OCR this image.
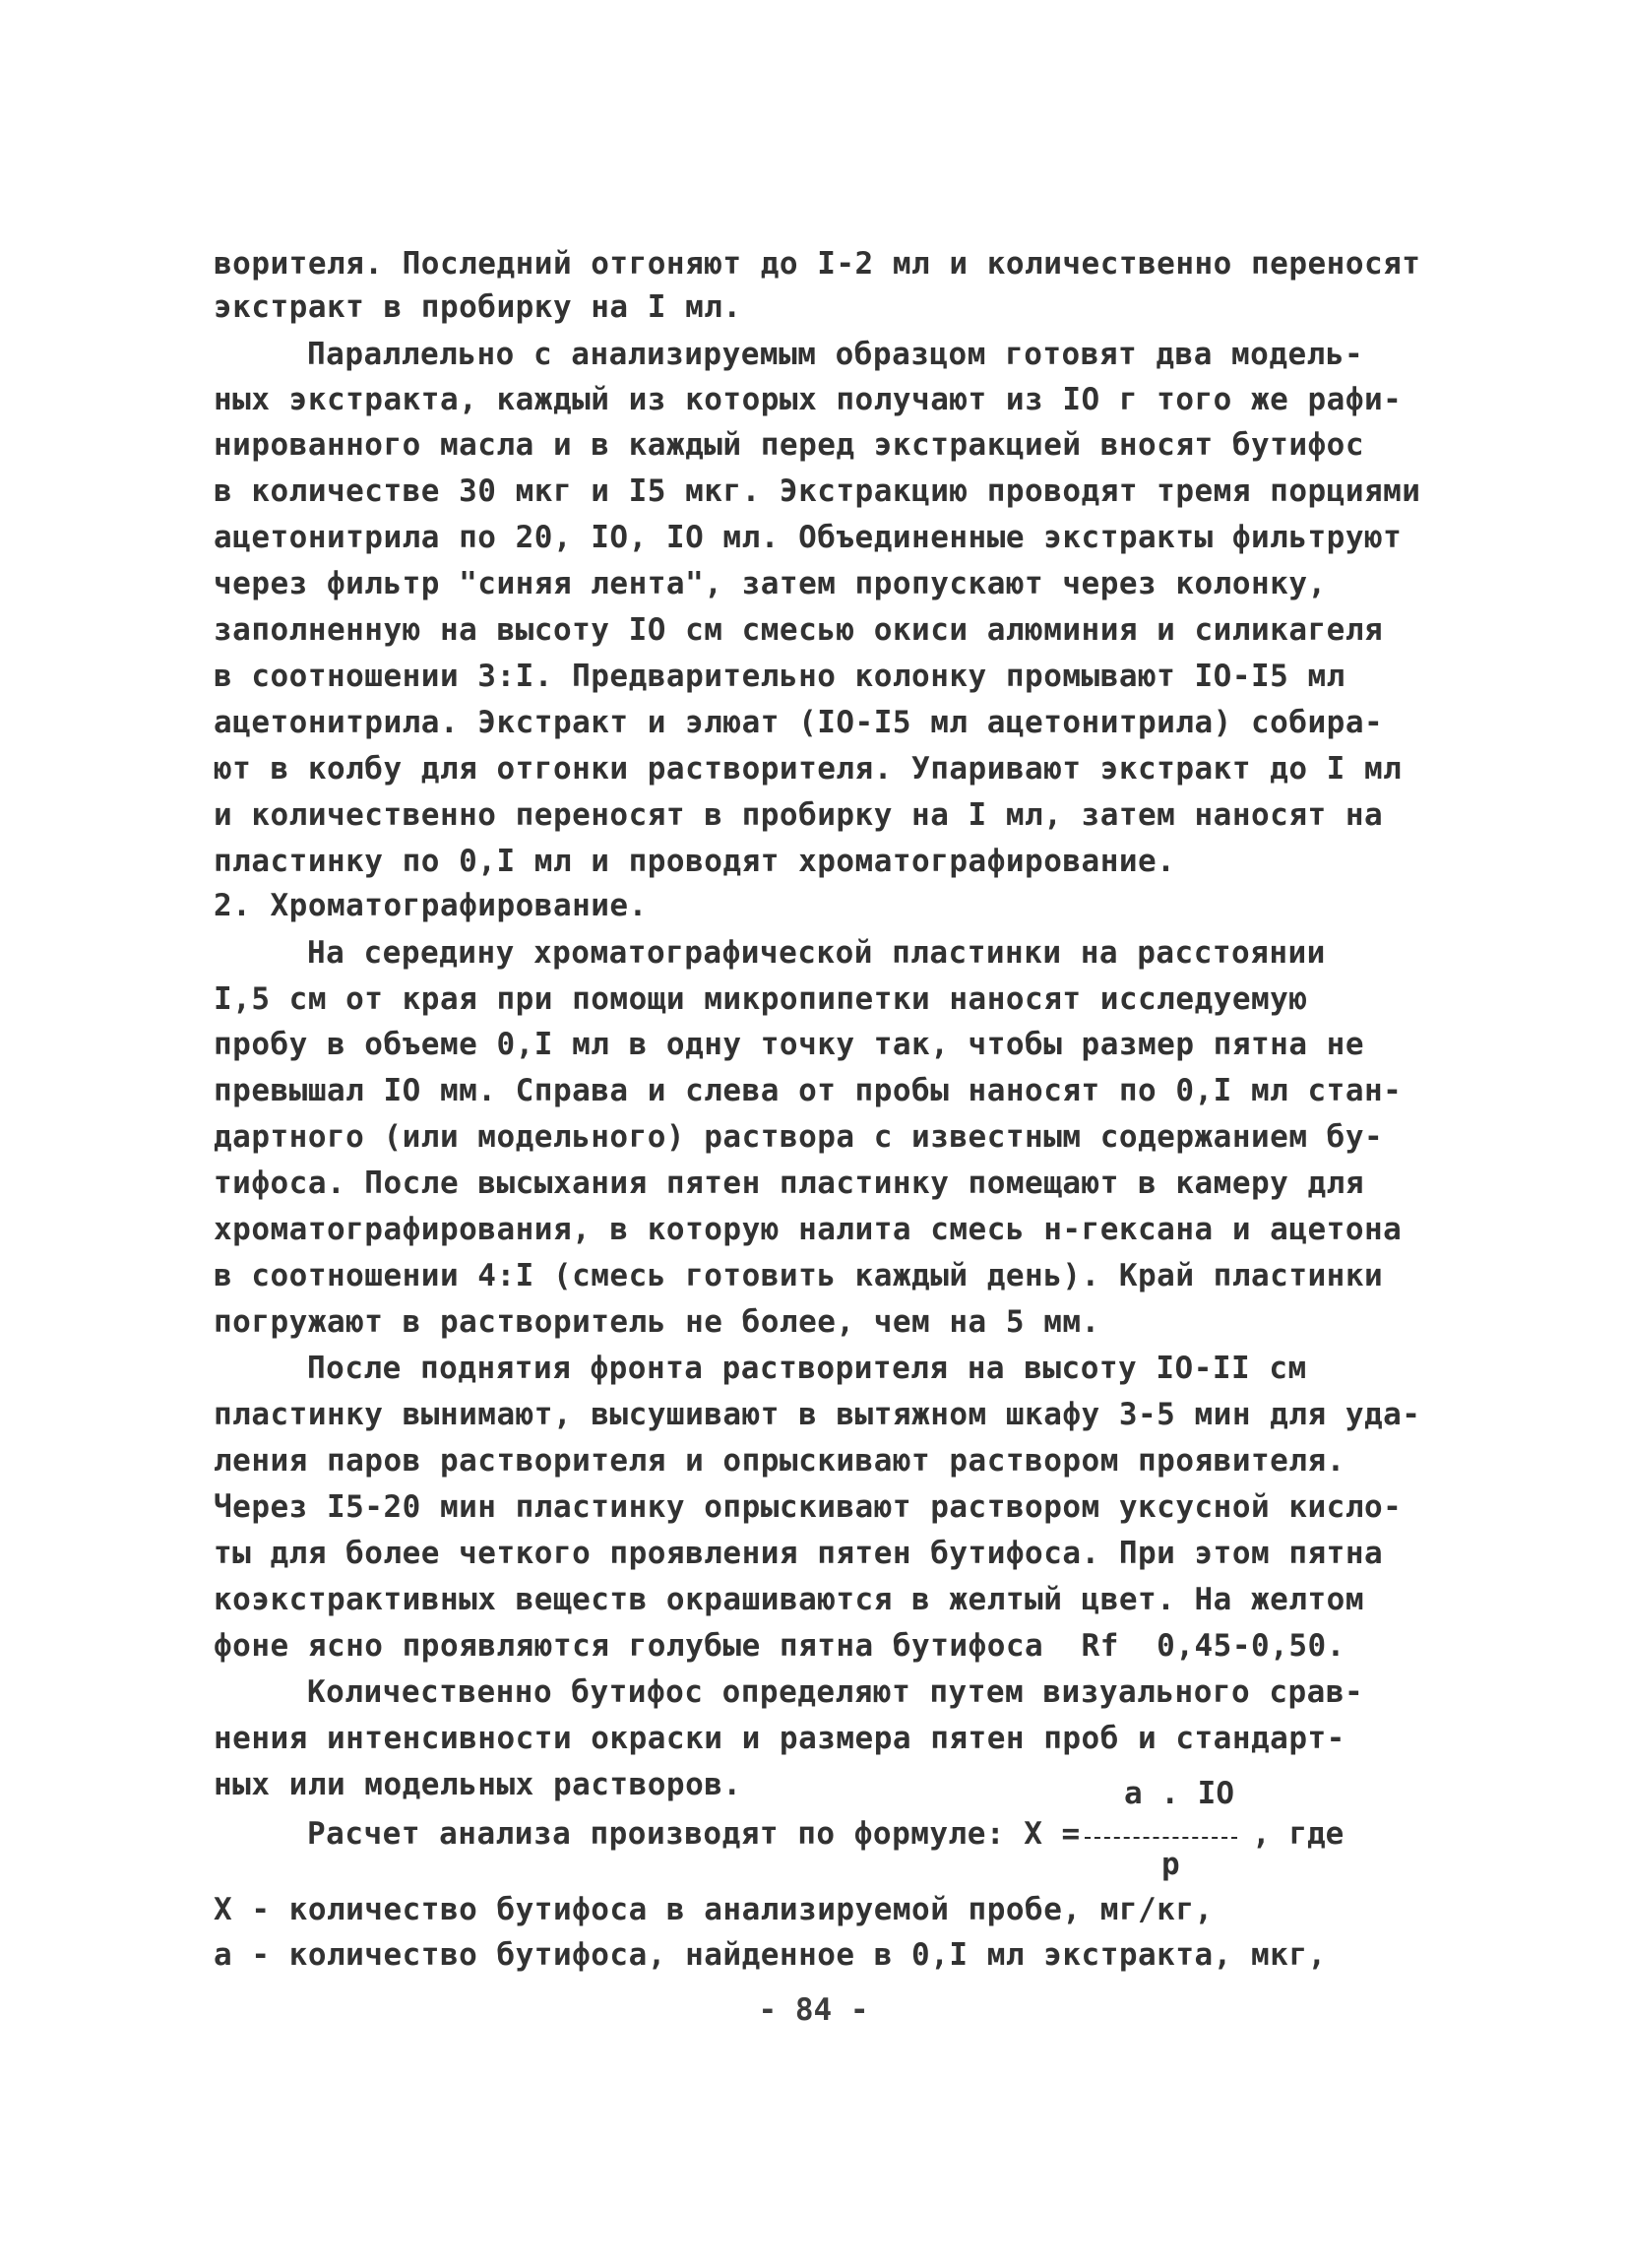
ворителя. Последний отгоняют до I-2 мл и количественно переносят
экстракт в пробирку на I мл.
Параллельно с анализируемым образцом готовят два модель-
ных экстракта, каждый из которых получают из IO г того же рафи-
нированного масла и в каждый перед экстракцией вносят бутифос
в количестве 30 мкг и I5 мкг. Экстракцию проводят тремя порциями
ацетонитрила по 20, IO, IO мл. Объединенные экстракты фильтруют
через фильтр "синяя лента", затем пропускают через колонку,
заполненную на высоту IO см смесью окиси алюминия и силикагеля
в соотношении 3:I. Предварительно колонку промывают IO-I5 мл
ацетонитрила. Экстракт и элюат (IO-I5 мл ацетонитрила) собира-
ют в колбу для отгонки растворителя. Упаривают экстракт до I мл
и количественно переносят в пробирку на I мл, затем наносят на
пластинку по 0,I мл и проводят хроматографирование.
2. Хроматографирование.
На середину хроматографической пластинки на расстоянии
I,5 см от края при помощи микропипетки наносят исследуемую
пробу в объеме 0,I мл в одну точку так, чтобы размер пятна не
превышал IO мм. Справа и слева от пробы наносят по 0,I мл стан-
дартного (или модельного) раствора с известным содержанием бу-
тифоса. После высыхания пятен пластинку помещают в камеру для
хроматографирования, в которую налита смесь н-гексана и ацетона
в соотношении 4:I (смесь готовить каждый день). Край пластинки
погружают в растворитель не более, чем на 5 мм.
После поднятия фронта растворителя на высоту IO-II см
пластинку вынимают, высушивают в вытяжном шкафу 3-5 мин для уда-
ления паров растворителя и опрыскивают раствором проявителя.
Через I5-20 мин пластинку опрыскивают раствором уксусной кисло-
ты для более четкого проявления пятен бутифоса. При этом пятна
коэкстрактивных веществ окрашиваются в желтый цвет. На желтом
фоне ясно проявляются голубые пятна бутифоса  Rf  0,45-0,50.
Количественно бутифос определяют путем визуального срав-
нения интенсивности окраски и размера пятен проб и стандарт-
ных или модельных растворов.	а . IO
Расчет анализа производят по формуле: X =	, где
р
X - количество бутифоса в анализируемой пробе, мг/кг,
а - количество бутифоса, найденное в 0,I мл экстракта, мкг,
- 84 -
